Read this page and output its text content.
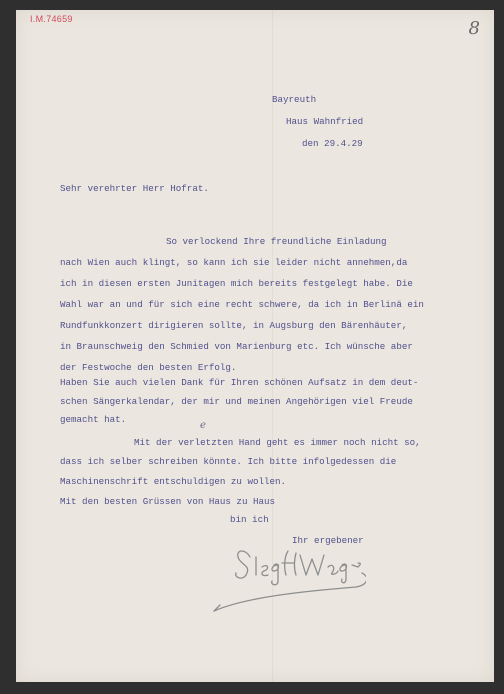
I.M.74659	8
Bayreuth
Haus Wahnfried
den 29.4.29
Sehr verehrter Herr Hofrat.
So verlockend Ihre freundliche Einladung
nach Wien auch klingt, so kann ich sie leider nicht annehmen,da
ich in diesen ersten Junitagen mich bereits festgelegt habe. Die
Wahl war an und für sich eine recht schwere, da ich in Berlinä ein
Rundfunkkonzert dirigieren sollte, in Augsburg den Bärenhäuter,
in Braunschweig den Schmied von Marienburg etc. Ich wünsche aber
der Festwoche den besten Erfolg.
Haben Sie auch vielen Dank für Ihren schönen Aufsatz in dem deut-
schen Sängerkalendar, der mir und meinen Angehörigen viel Freude
gemacht hat.
e
Mit der verletzten Hand geht es immer noch nicht so,
dass ich selber schreiben könnte. Ich bitte infolgedessen die
Maschinenschrift entschuldigen zu wollen.
Mit den besten Grüssen von Haus zu Haus
bin ich
Ihr ergebener
